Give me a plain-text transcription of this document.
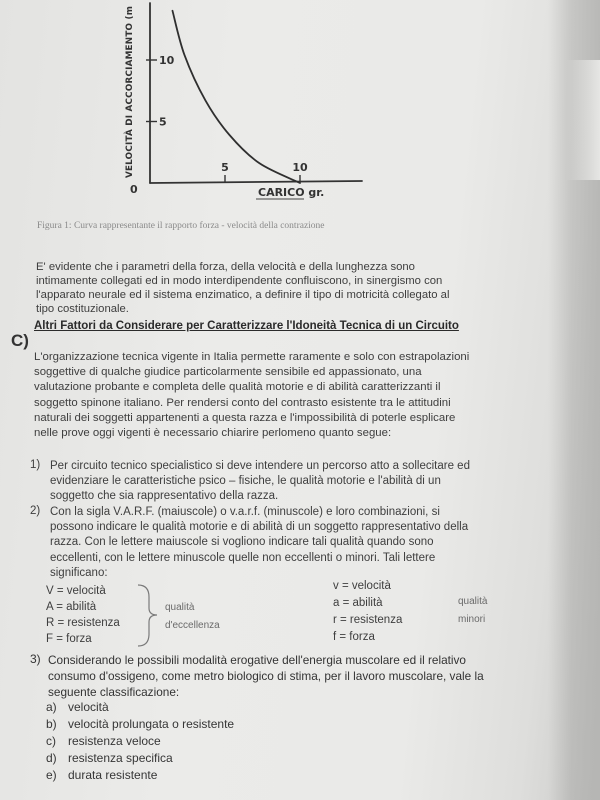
VELOCITÀ DI ACCORCIAMENTO (m
CARICO gr.
0
5
10
5	10
Figura 1: Curva rappresentante il rapporto forza - velocità della contrazione
E' evidente che i parametri della forza, della velocità e della lunghezza sono
intimamente collegati ed in modo interdipendente confluiscono, in sinergismo con
l'apparato neurale ed il sistema enzimatico, a definire il tipo di motricità collegato al
tipo costituzionale.
C)
Altri Fattori da Considerare per Caratterizzare l'Idoneità Tecnica di un Circuito
L'organizzazione tecnica vigente in Italia permette raramente e solo con estrapolazioni
soggettive di qualche giudice particolarmente sensibile ed appassionato, una
valutazione probante e completa delle qualità motorie e di abilità caratterizzanti il
soggetto spinone italiano. Per rendersi conto del contrasto esistente tra le attitudini
naturali dei soggetti appartenenti a questa razza e l'impossibilità di poterle esplicare
nelle prove oggi vigenti è necessario chiarire perlomeno quanto segue:
1) Per circuito tecnico specialistico si deve intendere un percorso atto a sollecitare ed
evidenziare le caratteristiche psico – fisiche, le qualità motorie e l'abilità di un
soggetto che sia rappresentativo della razza.
2) Con la sigla V.A.R.F. (maiuscole) o v.a.r.f. (minuscole) e loro combinazioni, si
possono indicare le qualità motorie e di abilità di un soggetto rappresentativo della
razza. Con le lettere maiuscole si vogliono indicare tali qualità quando sono
eccellenti, con le lettere minuscole quelle non eccellenti o minori. Tali lettere
significano:
V = velocità
A = abilità
R = resistenza
F = forza
qualità
d'eccellenza
v = velocità
a = abilità
r = resistenza
f = forza
qualità
minori
3) Considerando le possibili modalità erogative dell'energia muscolare ed il relativo
consumo d'ossigeno, come metro biologico di stima, per il lavoro muscolare, vale la
seguente classificazione:
a) velocità
b) velocità prolungata o resistente
c) resistenza veloce
d) resistenza specifica
e) durata resistente
